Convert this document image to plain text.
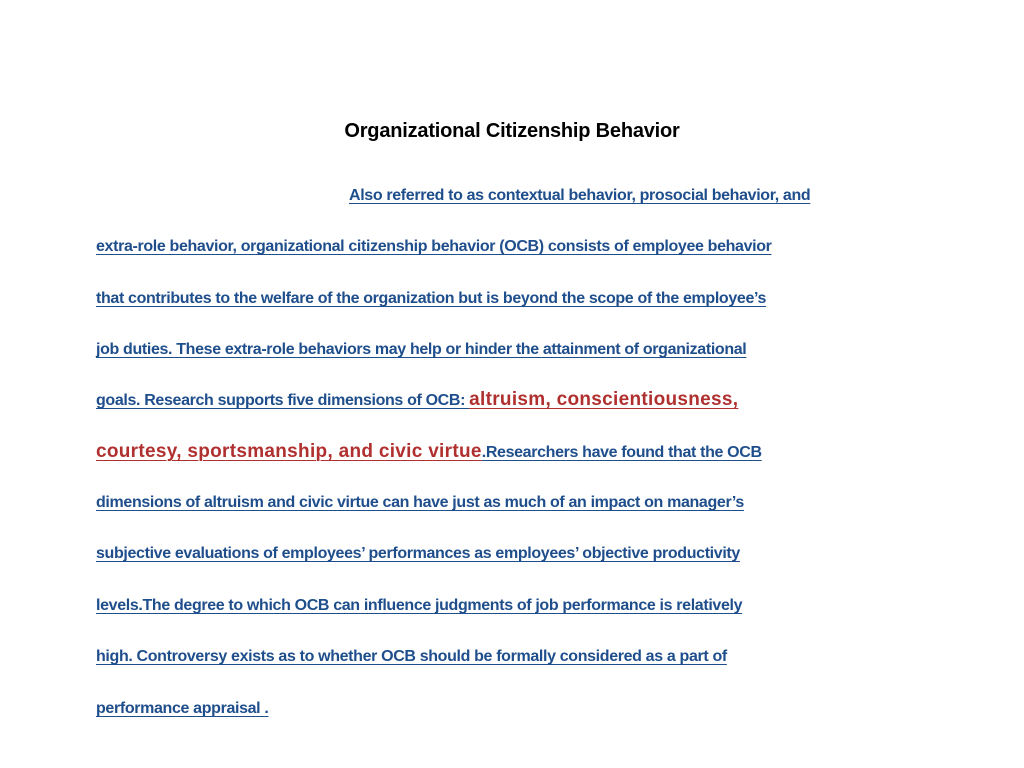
Organizational Citizenship Behavior
Also referred to as contextual behavior, prosocial behavior, and
extra-role behavior, organizational citizenship behavior (OCB) consists of employee behavior
that contributes to the welfare of the organization but is beyond the scope of the employee’s
job duties. These extra-role behaviors may help or hinder the attainment of organizational
goals. Research supports five dimensions of OCB: altruism, conscientiousness,
courtesy, sportsmanship, and civic virtue.Researchers have found that the OCB
dimensions of altruism and civic virtue can have just as much of an impact on manager’s
subjective evaluations of employees’ performances as employees’ objective productivity
levels.The degree to which OCB can influence judgments of job performance is relatively
high. Controversy exists as to whether OCB should be formally considered as a part of
performance appraisal .
